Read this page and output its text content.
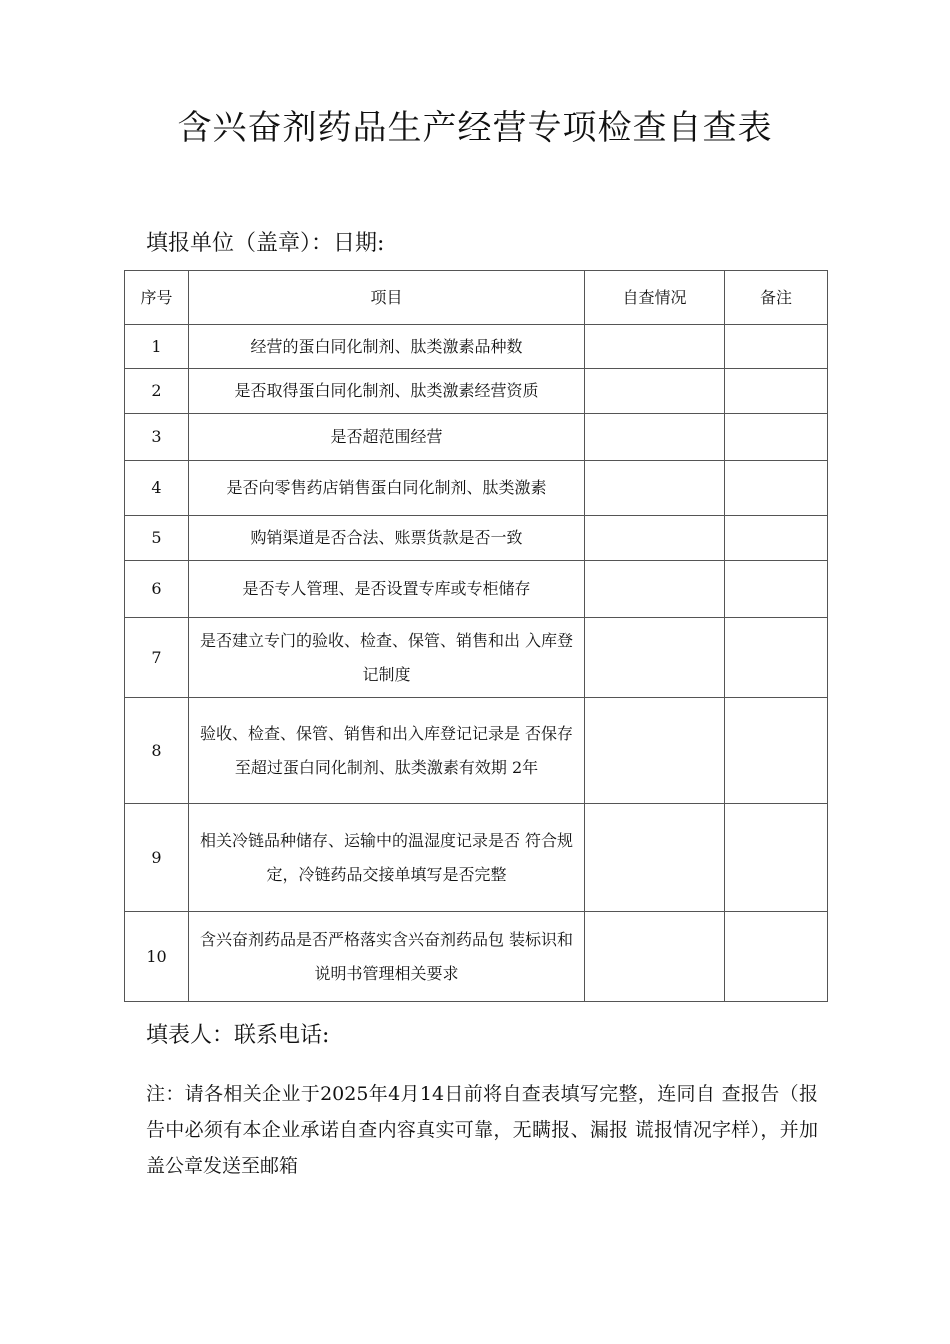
含兴奋剂药品生产经营专项检查自查表
填报单位（盖章）：日期:
序号	项目	自查情况	备注
1	经营的蛋白同化制剂、肽类激素品种数		
2	是否取得蛋白同化制剂、肽类激素经营资质		
3	是否超范围经营		
4	是否向零售药店销售蛋白同化制剂、肽类激素		
5	购销渠道是否合法、账票货款是否一致		
6	是否专人管理、是否设置专库或专柜储存		
7	是否建立专门的验收、检查、保管、销售和出 入库登记制度		
8	验收、检查、保管、销售和出入库登记记录是 否保存至超过蛋白同化制剂、肽类激素有效期 2年		
9	相关冷链品种储存、运输中的温湿度记录是否 符合规定，冷链药品交接单填写是否完整		
10	含兴奋剂药品是否严格落实含兴奋剂药品包 装标识和说明书管理相关要求		
填表人：联系电话:
注：请各相关企业于2025年4月14日前将自查表填写完整，连同自 查报告（报告中必须有本企业承诺自查内容真实可靠，无瞒报、漏报 谎报情况字样），并加盖公章发送至邮箱
